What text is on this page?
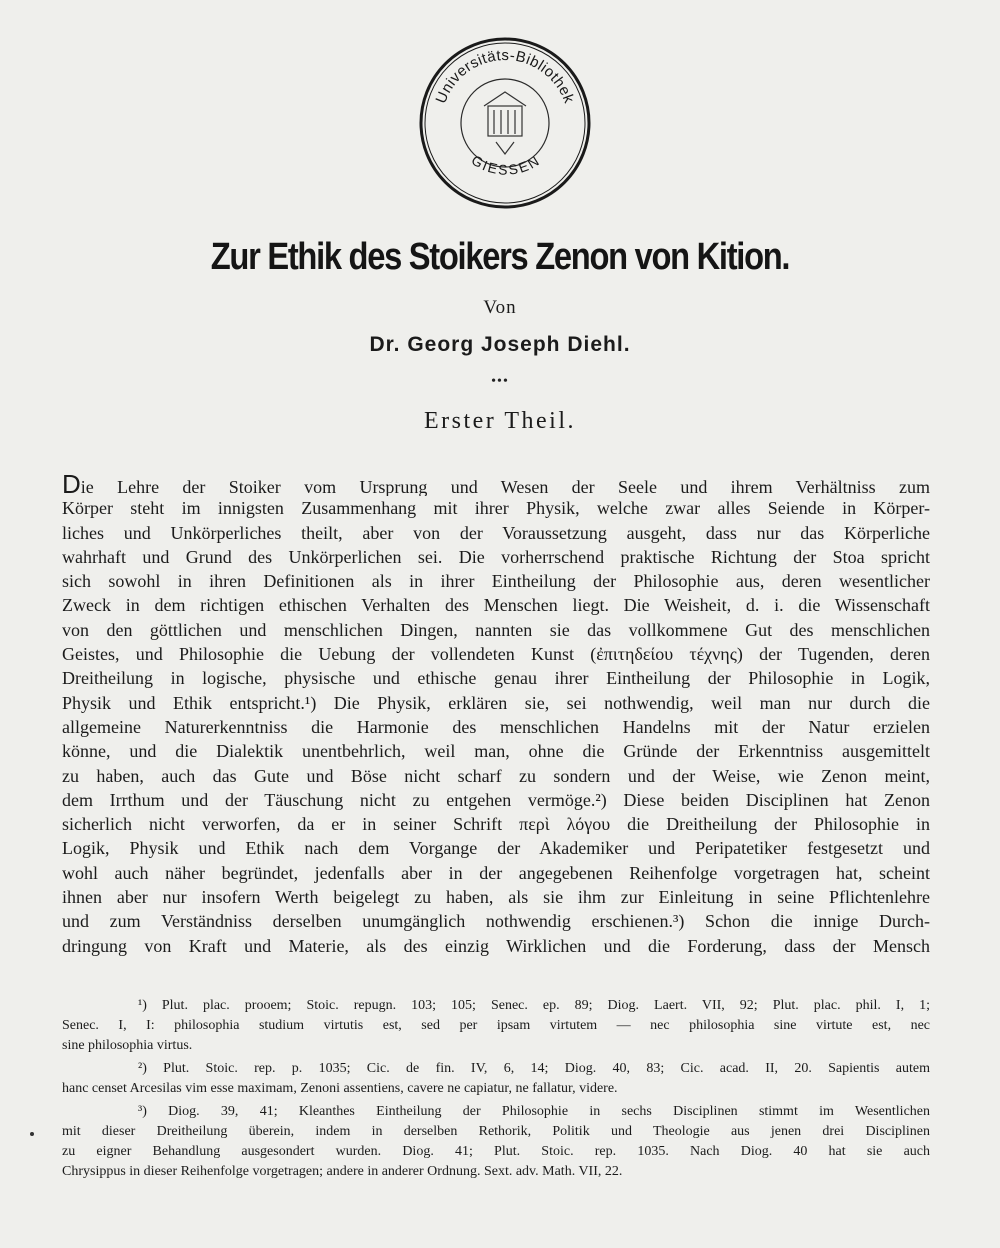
Universitäts-Bibliothek
GIESSEN
Zur Ethik des Stoikers Zenon von Kition.
Von
Dr. Georg Joseph Diehl.
•••
Erster Theil.
Die Lehre der Stoiker vom Ursprung und Wesen der Seele und ihrem Verhältniss zum
Körper steht im innigsten Zusammenhang mit ihrer Physik, welche zwar alles Seiende in Körper-
liches und Unkörperliches theilt, aber von der Voraussetzung ausgeht, dass nur das Körperliche
wahrhaft und Grund des Unkörperlichen sei. Die vorherrschend praktische Richtung der Stoa spricht
sich sowohl in ihren Definitionen als in ihrer Eintheilung der Philosophie aus, deren wesentlicher
Zweck in dem richtigen ethischen Verhalten des Menschen liegt. Die Weisheit, d. i. die Wissenschaft
von den göttlichen und menschlichen Dingen, nannten sie das vollkommene Gut des menschlichen
Geistes, und Philosophie die Uebung der vollendeten Kunst (ἐπιτηδείου τέχνης) der Tugenden, deren
Dreitheilung in logische, physische und ethische genau ihrer Eintheilung der Philosophie in Logik,
Physik und Ethik entspricht.¹) Die Physik, erklären sie, sei nothwendig, weil man nur durch die
allgemeine Naturerkenntniss die Harmonie des menschlichen Handelns mit der Natur erzielen
könne, und die Dialektik unentbehrlich, weil man, ohne die Gründe der Erkenntniss ausgemittelt
zu haben, auch das Gute und Böse nicht scharf zu sondern und der Weise, wie Zenon meint,
dem Irrthum und der Täuschung nicht zu entgehen vermöge.²) Diese beiden Disciplinen hat Zenon
sicherlich nicht verworfen, da er in seiner Schrift περὶ λόγου die Dreitheilung der Philosophie in
Logik, Physik und Ethik nach dem Vorgange der Akademiker und Peripatetiker festgesetzt und
wohl auch näher begründet, jedenfalls aber in der angegebenen Reihenfolge vorgetragen hat, scheint
ihnen aber nur insofern Werth beigelegt zu haben, als sie ihm zur Einleitung in seine Pflichtenlehre
und zum Verständniss derselben unumgänglich nothwendig erschienen.³) Schon die innige Durch-
dringung von Kraft und Materie, als des einzig Wirklichen und die Forderung, dass der Mensch
¹) Plut. plac. prooem; Stoic. repugn. 103; 105; Senec. ep. 89; Diog. Laert. VII, 92; Plut. plac. phil. I, 1;
Senec. I, I: philosophia studium virtutis est, sed per ipsam virtutem — nec philosophia sine virtute est, nec
sine philosophia virtus.
²) Plut. Stoic. rep. p. 1035; Cic. de fin. IV, 6, 14; Diog. 40, 83; Cic. acad. II, 20. Sapientis autem
hanc censet Arcesilas vim esse maximam, Zenoni assentiens, cavere ne capiatur, ne fallatur, videre.
³) Diog. 39, 41; Kleanthes Eintheilung der Philosophie in sechs Disciplinen stimmt im Wesentlichen
mit dieser Dreitheilung überein, indem in derselben Rethorik, Politik und Theologie aus jenen drei Disciplinen
zu eigner Behandlung ausgesondert wurden. Diog. 41; Plut. Stoic. rep. 1035. Nach Diog. 40 hat sie auch
Chrysippus in dieser Reihenfolge vorgetragen; andere in anderer Ordnung. Sext. adv. Math. VII, 22.
